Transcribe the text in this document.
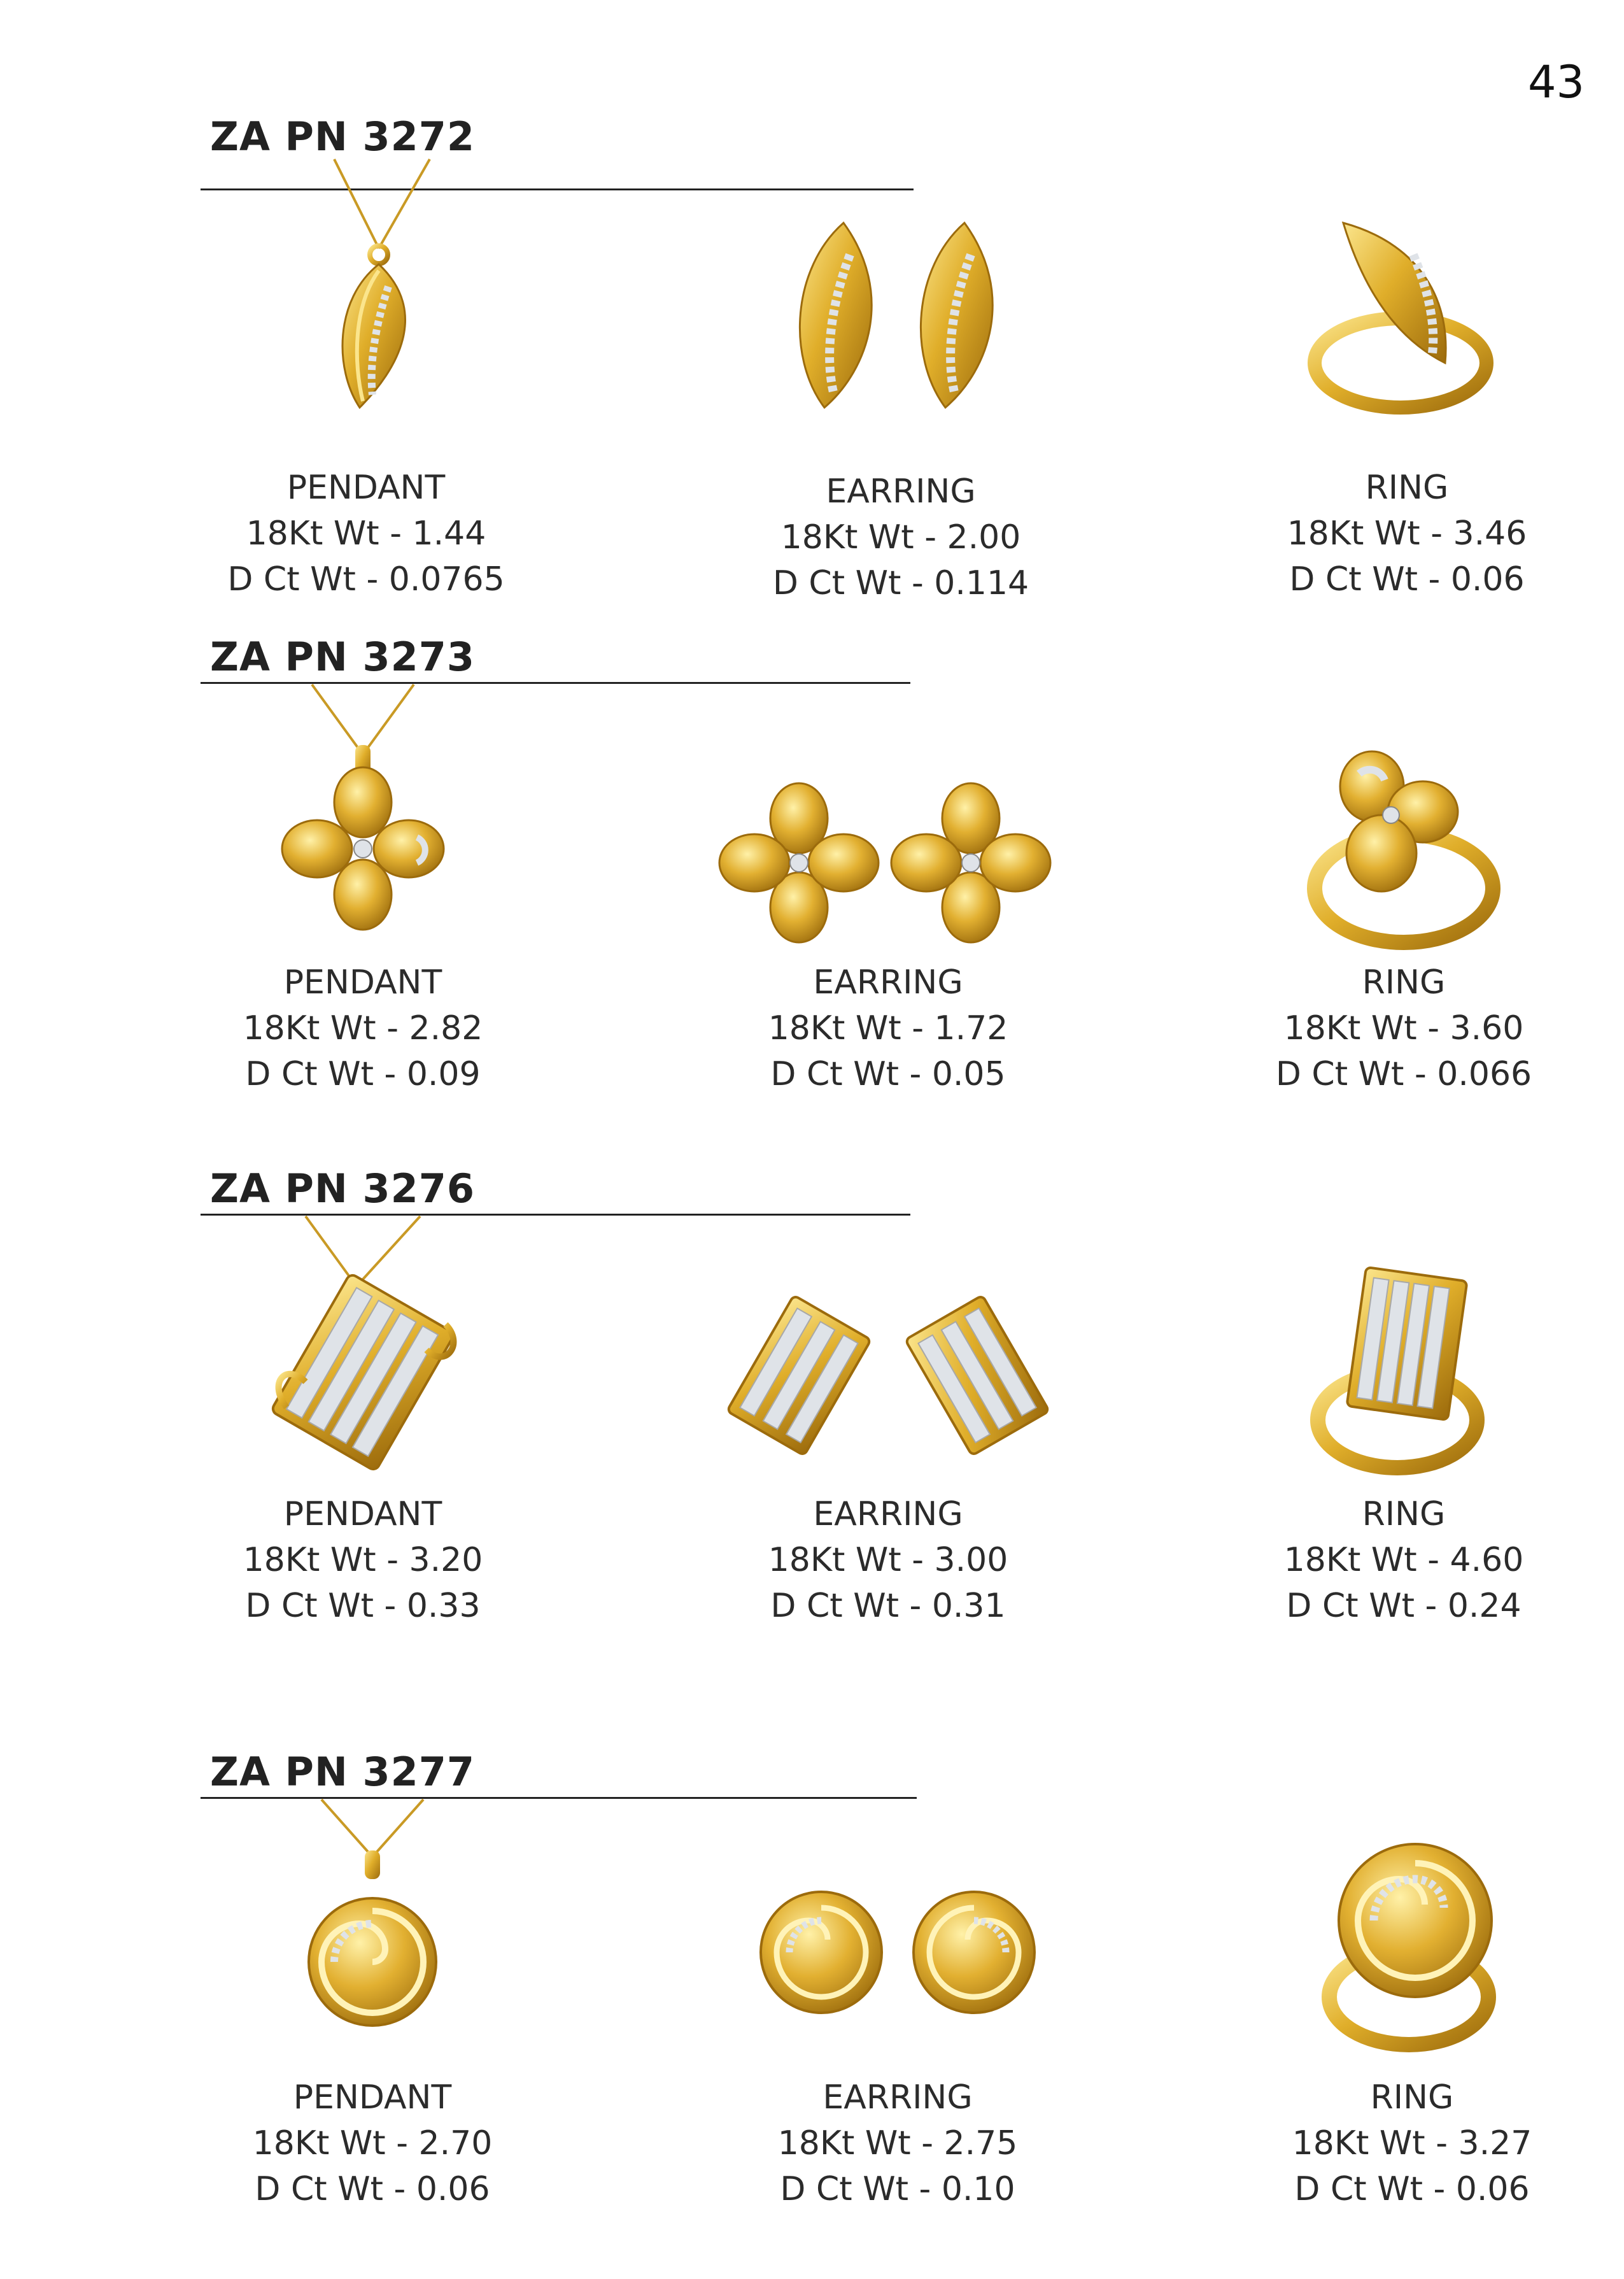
43
ZA PN 3272
PENDANT
18Kt Wt - 1.44
D Ct Wt - 0.0765
EARRING
18Kt Wt - 2.00
D Ct Wt - 0.114
RING
18Kt Wt - 3.46
D Ct Wt - 0.06
ZA PN 3273
PENDANT
18Kt Wt - 2.82
D Ct Wt - 0.09
EARRING
18Kt Wt - 1.72
D Ct Wt - 0.05
RING
18Kt Wt - 3.60
D Ct Wt - 0.066
ZA PN 3276
PENDANT
18Kt Wt - 3.20
D Ct Wt - 0.33
EARRING
18Kt Wt - 3.00
D Ct Wt - 0.31
RING
18Kt Wt - 4.60
D Ct Wt - 0.24
ZA PN 3277
PENDANT
18Kt Wt - 2.70
D Ct Wt - 0.06
EARRING
18Kt Wt - 2.75
D Ct Wt - 0.10
RING
18Kt Wt - 3.27
D Ct Wt - 0.06
